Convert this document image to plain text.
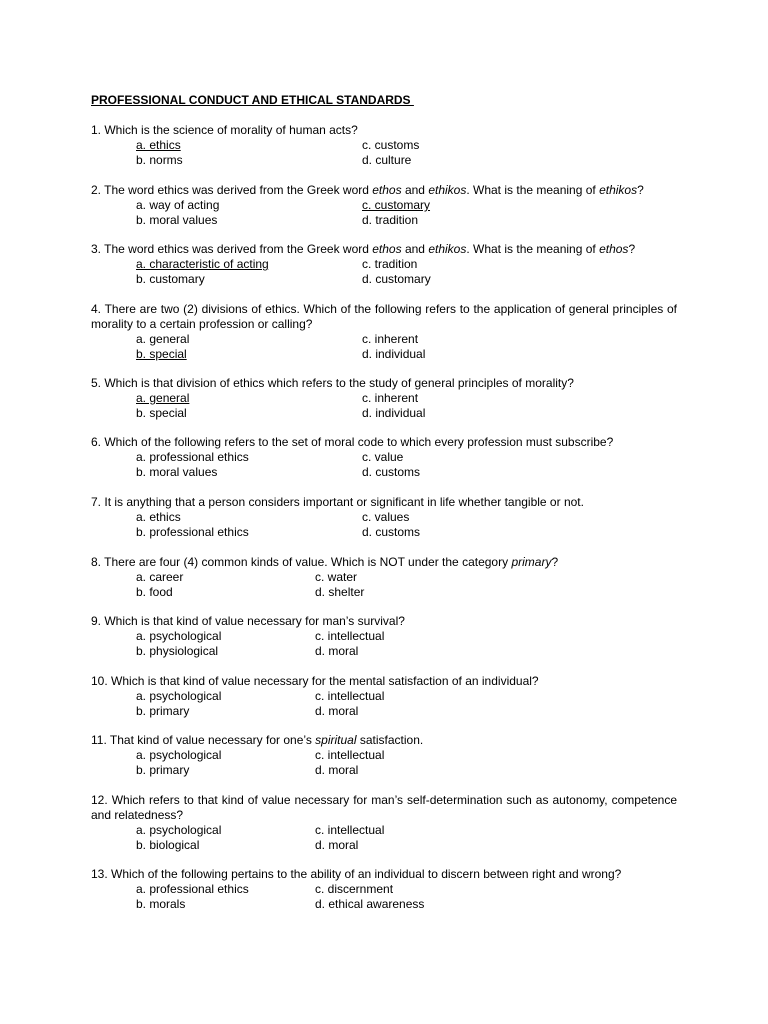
PROFESSIONAL CONDUCT AND ETHICAL STANDARDS
1. Which is the science of morality of human acts?
a. ethics	c. customs
b. norms	d. culture
2. The word ethics was derived from the Greek word ethos and ethikos. What is the meaning of ethikos?
a. way of acting	c. customary
b. moral values	d. tradition
3. The word ethics was derived from the Greek word ethos and ethikos. What is the meaning of ethos?
a. characteristic of acting	c. tradition
b. customary	d. customary
4. There are two (2) divisions of ethics. Which of the following refers to the application of general principles of morality to a certain profession or calling?
a. general	c. inherent
b. special	d. individual
5. Which is that division of ethics which refers to the study of general principles of morality?
a. general	c. inherent
b. special	d. individual
6. Which of the following refers to the set of moral code to which every profession must subscribe?
a. professional ethics	c. value
b. moral values	d. customs
7. It is anything that a person considers important or significant in life whether tangible or not.
a. ethics	c. values
b. professional ethics	d. customs
8. There are four (4) common kinds of value. Which is NOT under the category primary?
a. career	c. water
b. food	d. shelter
9. Which is that kind of value necessary for man’s survival?
a. psychological	c. intellectual
b. physiological	d. moral
10. Which is that kind of value necessary for the mental satisfaction of an individual?
a. psychological	c. intellectual
b. primary	d. moral
11. That kind of value necessary for one’s spiritual satisfaction.
a. psychological	c. intellectual
b. primary	d. moral
12. Which refers to that kind of value necessary for man’s self-determination such as autonomy, competence and relatedness?
a. psychological	c. intellectual
b. biological	d. moral
13. Which of the following pertains to the ability of an individual to discern between right and wrong?
a. professional ethics	c. discernment
b. morals	d. ethical awareness
